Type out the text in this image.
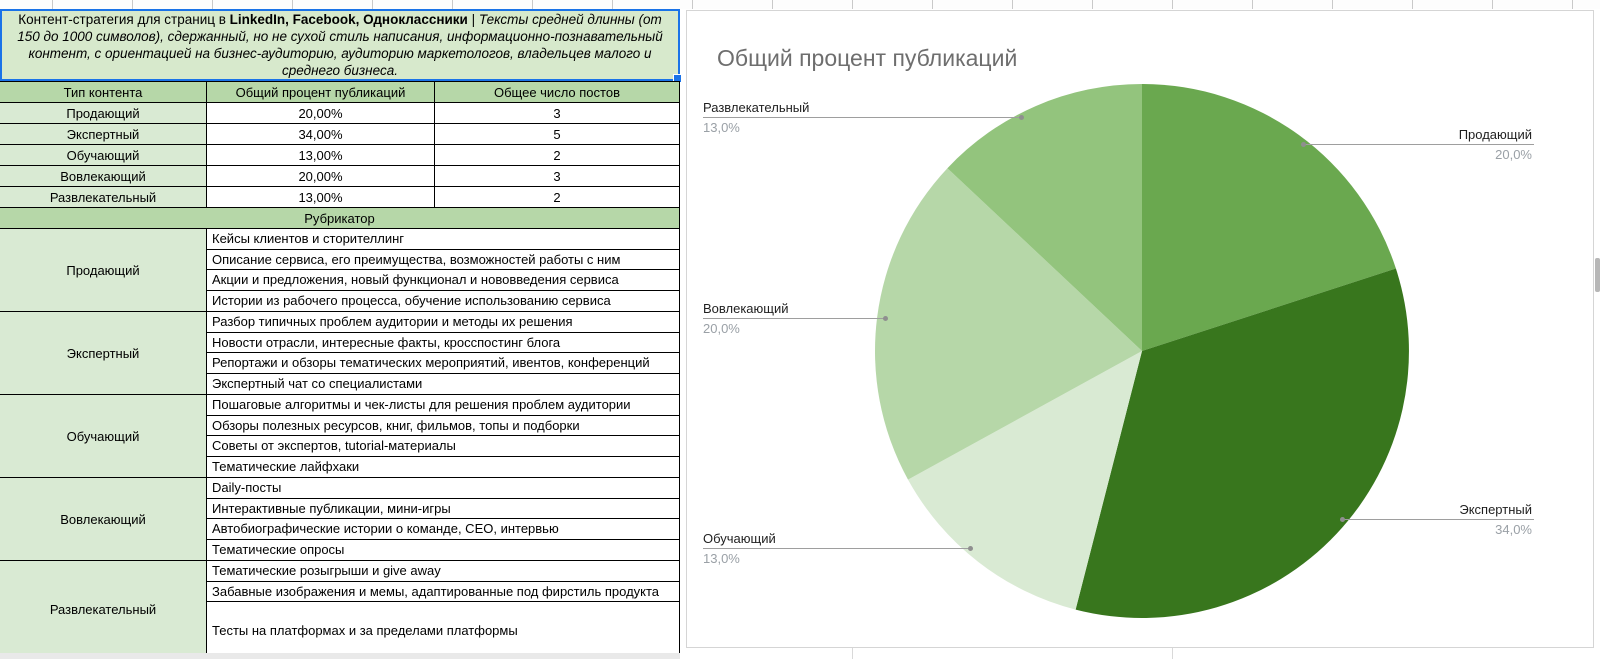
Контент-стратегия для страниц в LinkedIn, Facebook, Одноклассники | Тексты средней длинны (от 150 до 1000 символов), сдержанный, но не сухой стиль написания, информационно-познавательный контент, с ориентацией на бизнес-аудиторию, аудиторию маркетологов, владельцев малого и среднего бизнеса.

Тип контента	Общий процент публикаций	Общее число постов
Продающий	20,00%	3
Экспертный	34,00%	5
Обучающий	13,00%	2
Вовлекающий	20,00%	3
Развлекательный	13,00%	2
Рубрикатор
Продающий
Кейсы клиентов и сторителлинг
Описание сервиса, его преимущества, возможностей работы с ним
Акции и предложения, новый функционал и нововведения сервиса
Истории из рабочего процесса, обучение использованию сервиса
Экспертный
Разбор типичных проблем аудитории и методы их решения
Новости отрасли, интересные факты, кросспостинг блога
Репортажи и обзоры тематических мероприятий, ивентов, конференций
Экспертный чат со специалистами
Обучающий
Пошаговые алгоритмы и чек-листы для решения проблем аудитории
Обзоры полезных ресурсов, книг, фильмов, топы и подборки
Советы от экспертов, tutorial-материалы
Тематические лайфхаки
Вовлекающий
Daily-посты
Интерактивные публикации, мини-игры
Автобиографические истории о команде, CEO, интервью
Тематические опросы
Развлекательный
Тематические розыгрыши и give away
Забавные изображения и мемы, адаптированные под фирстиль продукта
Тесты на платформах и за пределами платформы
Общий процент публикаций
Продающий
20,0%
Экспертный
34,0%
Обучающий
13,0%
Вовлекающий
20,0%
Развлекательный
13,0%
